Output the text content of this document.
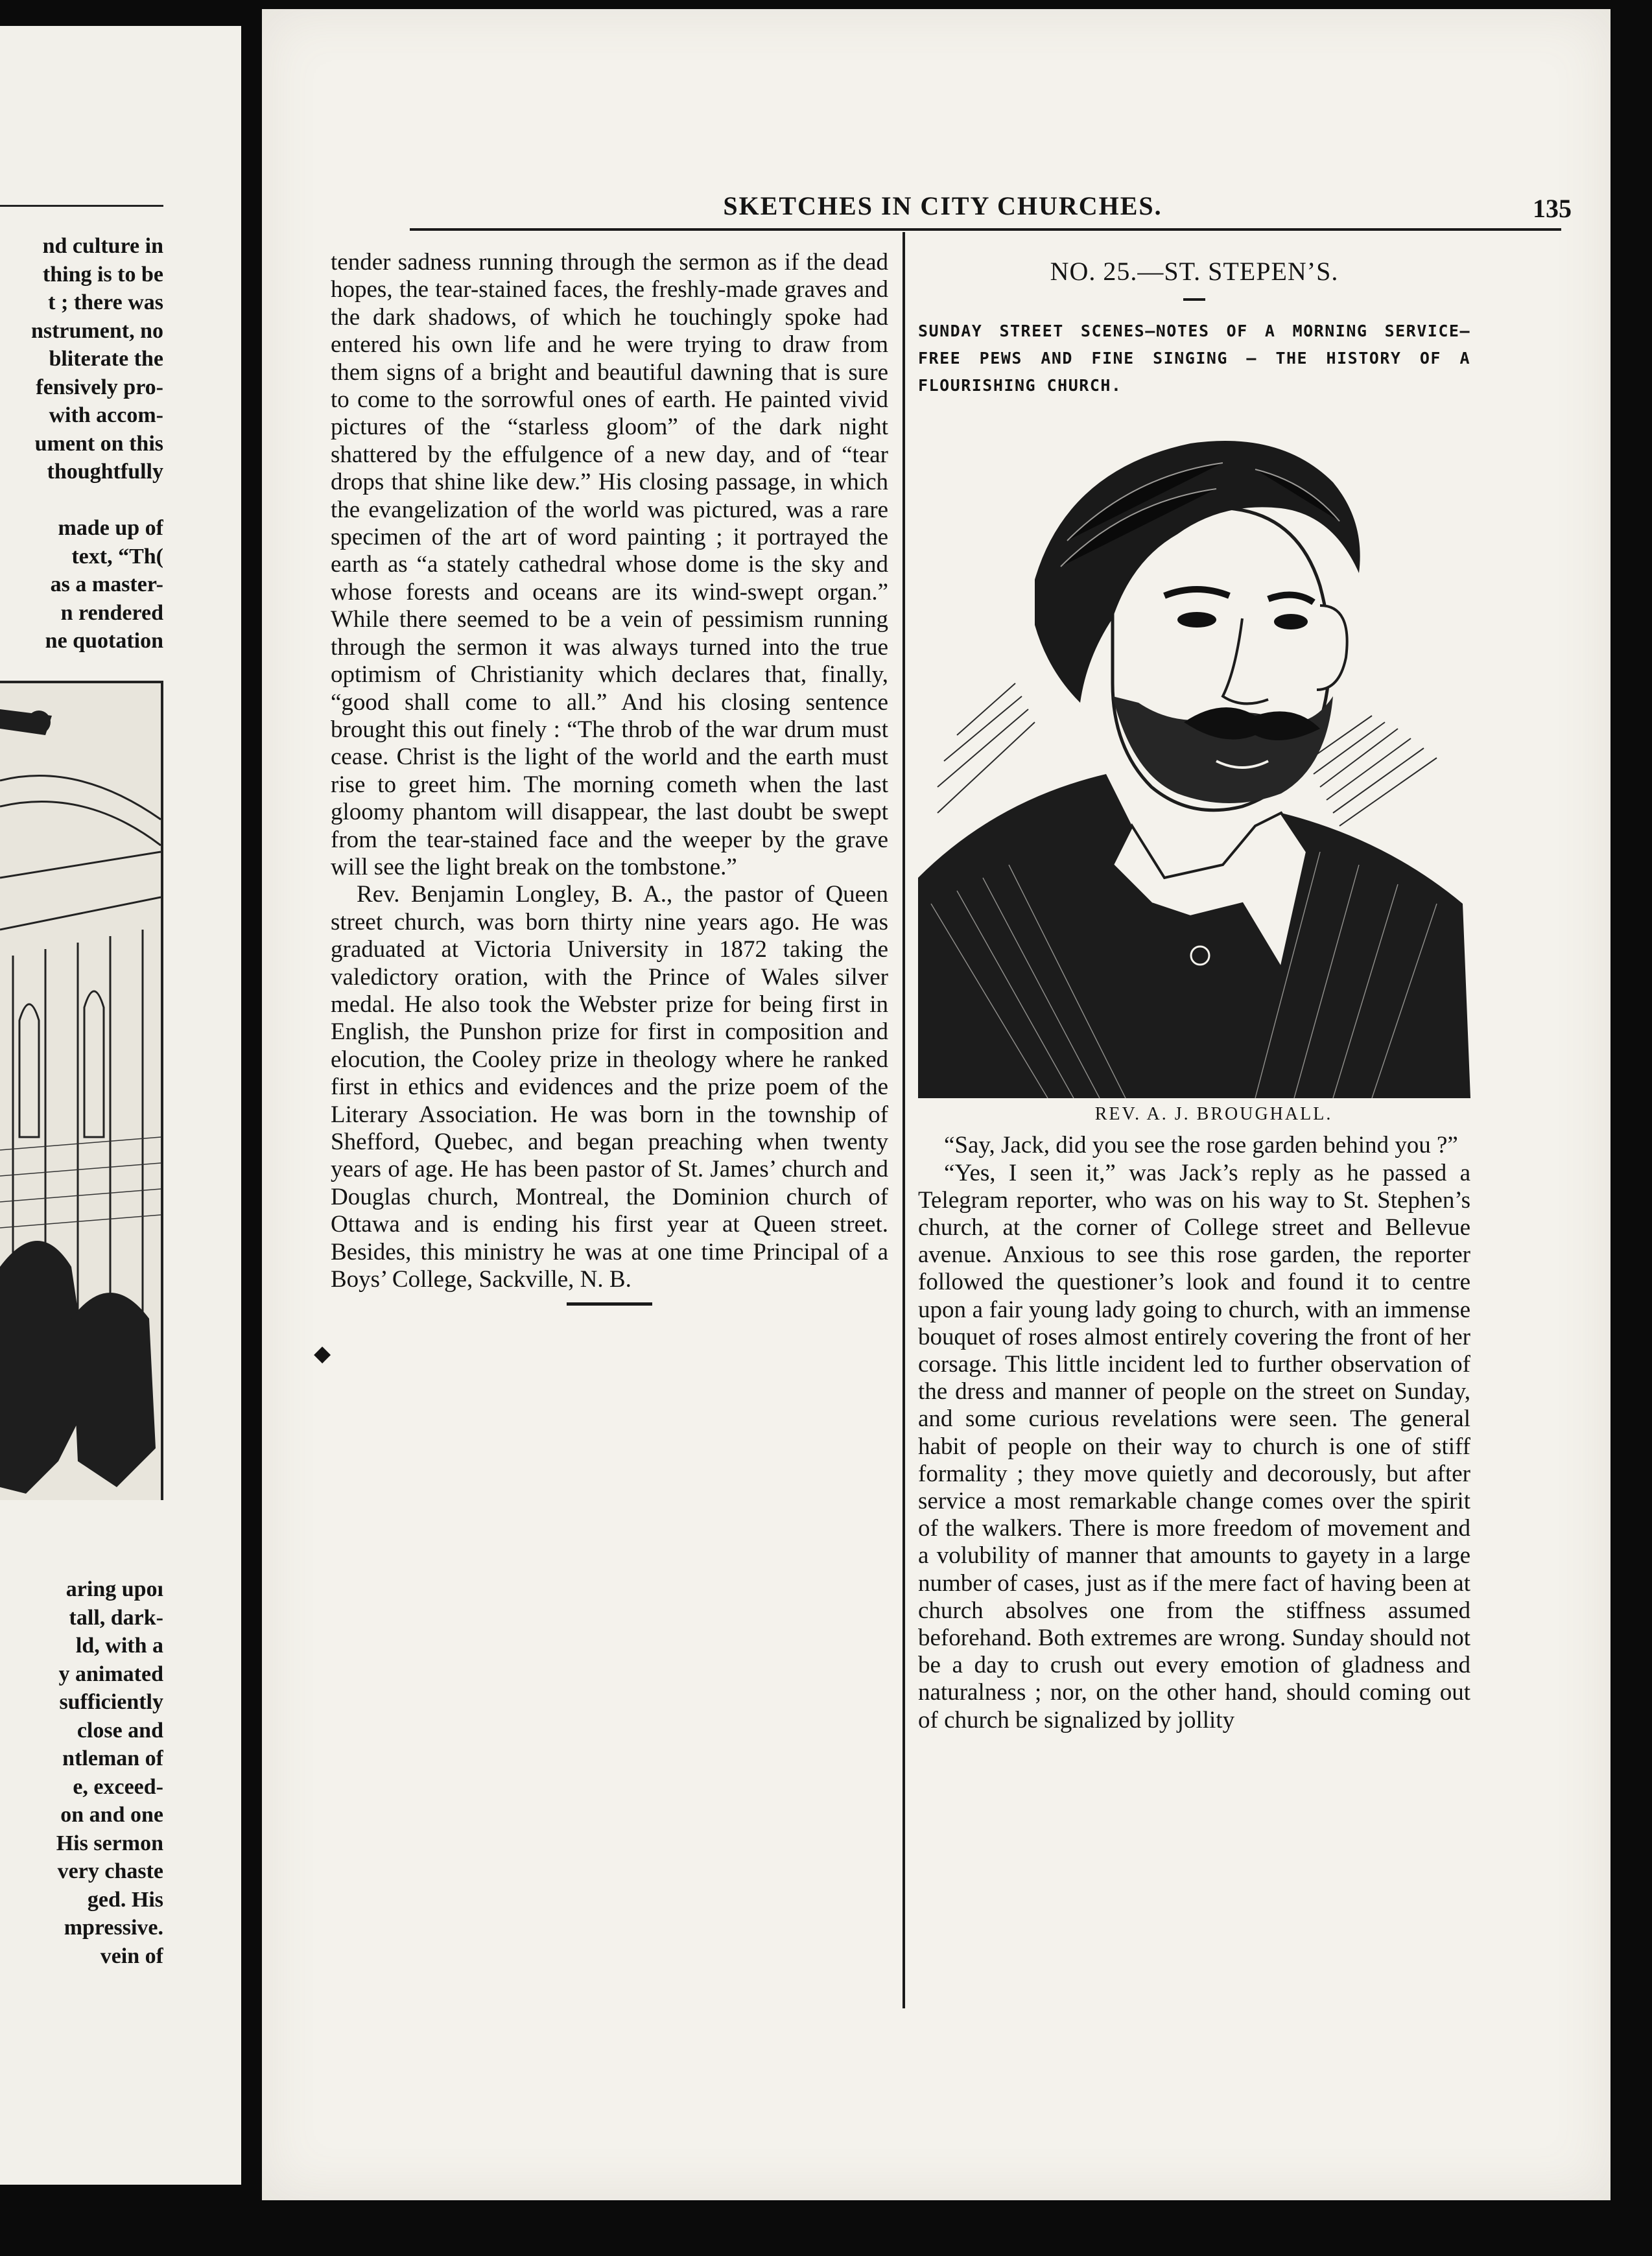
nd culture in
thing is to be
t ; there was
nstrument, no
bliterate the
fensively pro-
with accom-
ument on this
thoughtfully

made up of
text, “Th(
as a master-
n rendered
ne quotation
aring upoı
tall, dark-
ld, with a
y animated
sufficiently
close and
ntleman of
e, exceed-
on and one
His sermon
very chaste
ged. His
mpressive.
vein of
SKETCHES IN CITY CHURCHES.	135
◆

tender sadness running through the sermon as if the dead hopes, the tear-stained faces, the freshly-made graves and the dark shadows, of which he touchingly spoke had entered his own life and he were trying to draw from them signs of a bright and beautiful dawning that is sure to come to the sorrowful ones of earth. He painted vivid pictures of the “starless gloom” of the dark night shattered by the effulgence of a new day, and of “tear drops that shine like dew.” His closing passage, in which the evangelization of the world was pictured, was a rare specimen of the art of word painting ; it portrayed the earth as “a stately cathedral whose dome is the sky and whose forests and oceans are its wind-swept organ.” While there seemed to be a vein of pessimism running through the sermon it was always turned into the true optimism of Christianity which declares that, finally, “good shall come to all.” And his closing sentence brought this out finely : “The throb of the war drum must cease. Christ is the light of the world and the earth must rise to greet him. The morning cometh when the last gloomy phantom will disappear, the last doubt be swept from the tear-stained face and the weeper by the grave will see the light break on the tombstone.”

Rev. Benjamin Longley, B. A., the pastor of Queen street church, was born thirty nine years ago. He was graduated at Victoria University in 1872 taking the valedictory oration, with the Prince of Wales silver medal. He also took the Webster prize for being first in English, the Punshon prize for first in composition and elocution, the Cooley prize in theology where he ranked first in ethics and evidences and the prize poem of the Literary Association. He was born in the township of Shefford, Quebec, and began preaching when twenty years of age. He has been pastor of St. James’ church and Douglas church, Montreal, the Dominion church of Ottawa and is ending his first year at Queen street. Besides, this ministry he was at one time Principal of a Boys’ College, Sackville, N. B.

NO. 25.—ST. STEPEN’S.

SUNDAY STREET SCENES—NOTES OF A MORNING SERVICE—FREE PEWS AND FINE SINGING — THE HISTORY OF A FLOURISHING CHURCH.

REV. A. J. BROUGHALL.

“Say, Jack, did you see the rose garden behind you ?”

“Yes, I seen it,” was Jack’s reply as he passed a Telegram reporter, who was on his way to St. Stephen’s church, at the corner of College street and Bellevue avenue. Anxious to see this rose garden, the reporter followed the questioner’s look and found it to centre upon a fair young lady going to church, with an immense bouquet of roses almost entirely covering the front of her corsage. This little incident led to further observation of the dress and manner of people on the street on Sunday, and some curious revelations were seen. The general habit of people on their way to church is one of stiff formality ; they move quietly and decorously, but after service a most remarkable change comes over the spirit of the walkers. There is more freedom of movement and a volubility of manner that amounts to gayety in a large number of cases, just as if the mere fact of having been at church absolves one from the stiffness assumed beforehand. Both extremes are wrong. Sunday should not be a day to crush out every emotion of gladness and naturalness ; nor, on the other hand, should coming out of church be signalized by jollity
